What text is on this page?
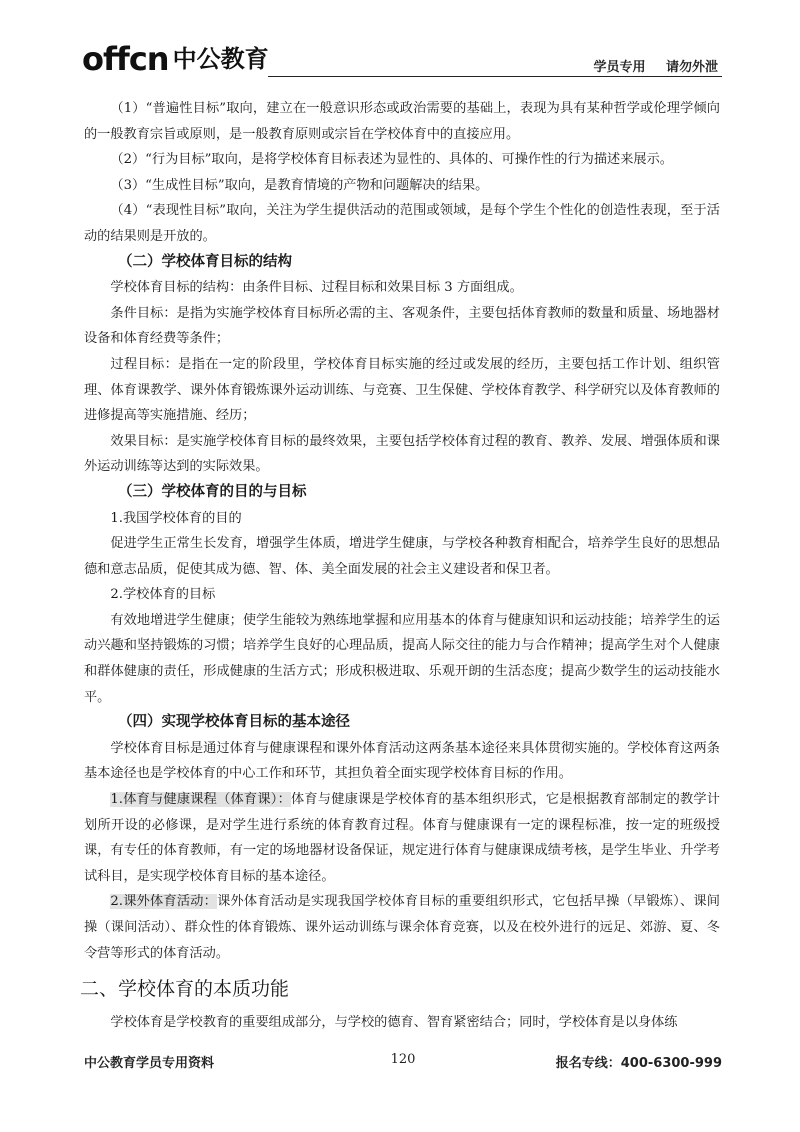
offcn 中公教育	学员专用 请勿外泄

（1）“普遍性目标”取向，建立在一般意识形态或政治需要的基础上，表现为具有某种哲学或伦理学倾向的一般教育宗旨或原则，是一般教育原则或宗旨在学校体育中的直接应用。

（2）“行为目标”取向，是将学校体育目标表述为显性的、具体的、可操作性的行为描述来展示。

（3）“生成性目标”取向，是教育情境的产物和问题解决的结果。

（4）“表现性目标”取向，关注为学生提供活动的范围或领域，是每个学生个性化的创造性表现，至于活动的结果则是开放的。

（二）学校体育目标的结构

学校体育目标的结构：由条件目标、过程目标和效果目标 3 方面组成。

条件目标：是指为实施学校体育目标所必需的主、客观条件，主要包括体育教师的数量和质量、场地器材设备和体育经费等条件；

过程目标：是指在一定的阶段里，学校体育目标实施的经过或发展的经历，主要包括工作计划、组织管理、体育课教学、课外体育锻炼课外运动训练、与竞赛、卫生保健、学校体育教学、科学研究以及体育教师的进修提高等实施措施、经历；

效果目标：是实施学校体育目标的最终效果，主要包括学校体育过程的教育、教养、发展、增强体质和课外运动训练等达到的实际效果。

（三）学校体育的目的与目标

1.我国学校体育的目的

促进学生正常生长发育，增强学生体质，增进学生健康，与学校各种教育相配合，培养学生良好的思想品德和意志品质，促使其成为德、智、体、美全面发展的社会主义建设者和保卫者。

2.学校体育的目标

有效地增进学生健康；使学生能较为熟练地掌握和应用基本的体育与健康知识和运动技能；培养学生的运动兴趣和坚持锻炼的习惯；培养学生良好的心理品质，提高人际交往的能力与合作精神；提高学生对个人健康和群体健康的责任，形成健康的生活方式；形成积极进取、乐观开朗的生活态度；提高少数学生的运动技能水平。

（四）实现学校体育目标的基本途径

学校体育目标是通过体育与健康课程和课外体育活动这两条基本途径来具体贯彻实施的。学校体育这两条基本途径也是学校体育的中心工作和环节，其担负着全面实现学校体育目标的作用。

1.体育与健康课程（体育课）：体育与健康课是学校体育的基本组织形式，它是根据教育部制定的教学计划所开设的必修课，是对学生进行系统的体育教育过程。体育与健康课有一定的课程标准，按一定的班级授课，有专任的体育教师，有一定的场地器材设备保证，规定进行体育与健康课成绩考核，是学生毕业、升学考试科目，是实现学校体育目标的基本途径。

2.课外体育活动：课外体育活动是实现我国学校体育目标的重要组织形式，它包括早操（早锻炼）、课间操（课间活动）、群众性的体育锻炼、课外运动训练与课余体育竞赛，以及在校外进行的远足、郊游、夏、冬令营等形式的体育活动。

二、学校体育的本质功能

学校体育是学校教育的重要组成部分，与学校的德育、智育紧密结合；同时，学校体育是以身体练

中公教育学员专用资料	120	报名专线：400-6300-999
